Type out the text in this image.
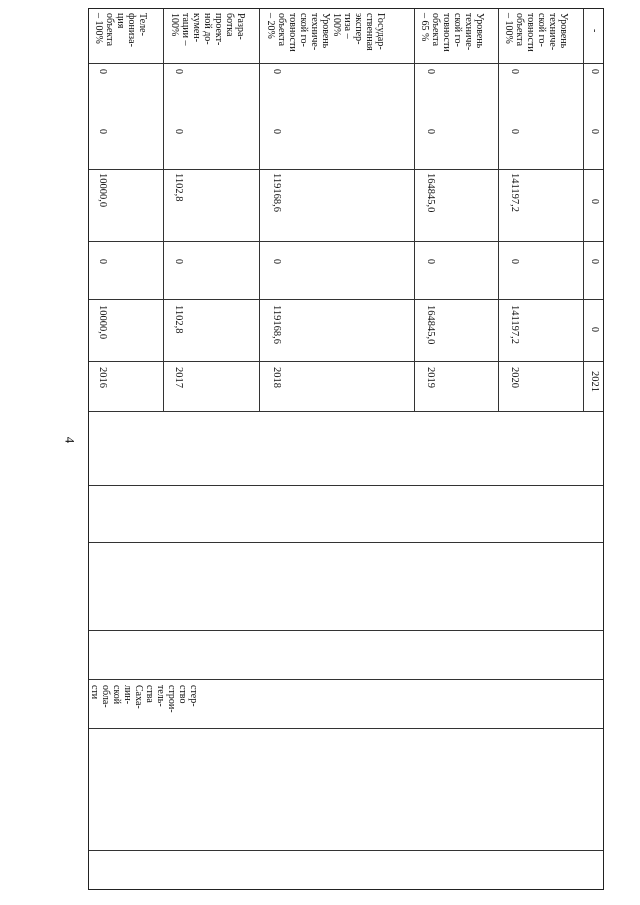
4
Теле-
фониза-
ция
объекта
– 100%
0
0
10000,0
0
10000,0
2016
Разра-
ботка
проект-
ной до-
кумен-
тации –
100%
0
0
1102,8
0
1102,8
2017
Государ-
ственная
экспер-
тиза –
100%
Уровень
техниче-
ской го-
товности
объекта
– 20%
0
0
119168,6
0
119168,6
2018
Уровень
техниче-
ской го-
товности
объекта
– 65 %
0
0
164845,0
0
164845,0
2019
Уровень
техниче-
ской го-
товности
объекта
– 100%
0
0
141197,2
0
141197,2
2020
-
0
0
0
0
0
2021
стер-
ство
строи-
тель-
ства
Саха-
лин-
ской
обла-
сти
